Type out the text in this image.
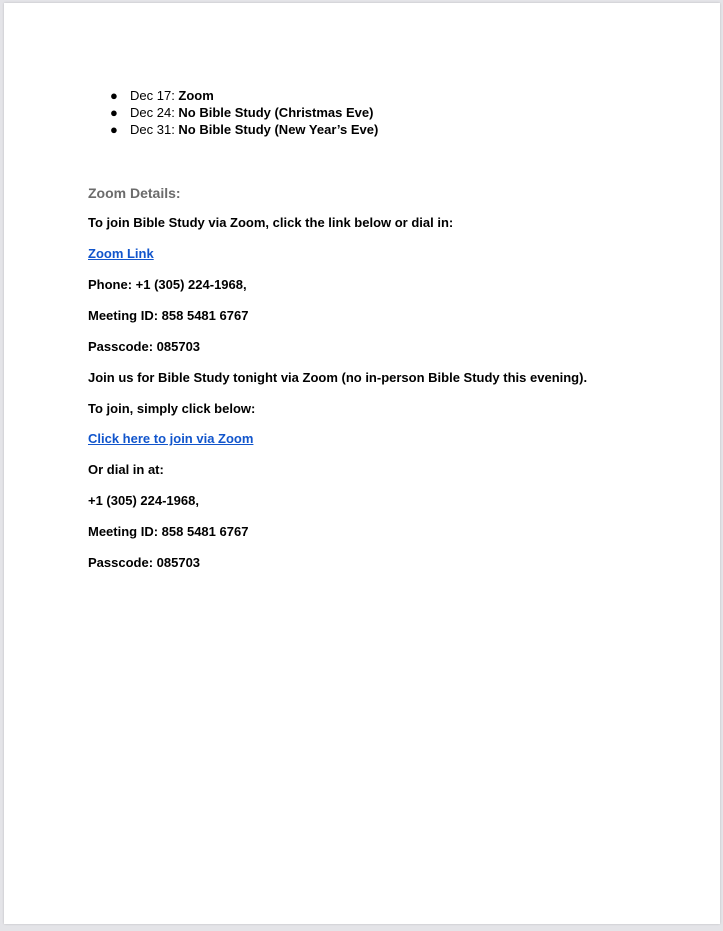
● Dec 17: Zoom
● Dec 24: No Bible Study (Christmas Eve)
● Dec 31: No Bible Study (New Year’s Eve)
Zoom Details:

To join Bible Study via Zoom, click the link below or dial in:

Zoom Link

Phone: +1 (305) 224-1968,

Meeting ID: 858 5481 6767

Passcode: 085703

Join us for Bible Study tonight via Zoom (no in-person Bible Study this evening).

To join, simply click below:

Click here to join via Zoom

Or dial in at:

+1 (305) 224-1968,

Meeting ID: 858 5481 6767

Passcode: 085703
